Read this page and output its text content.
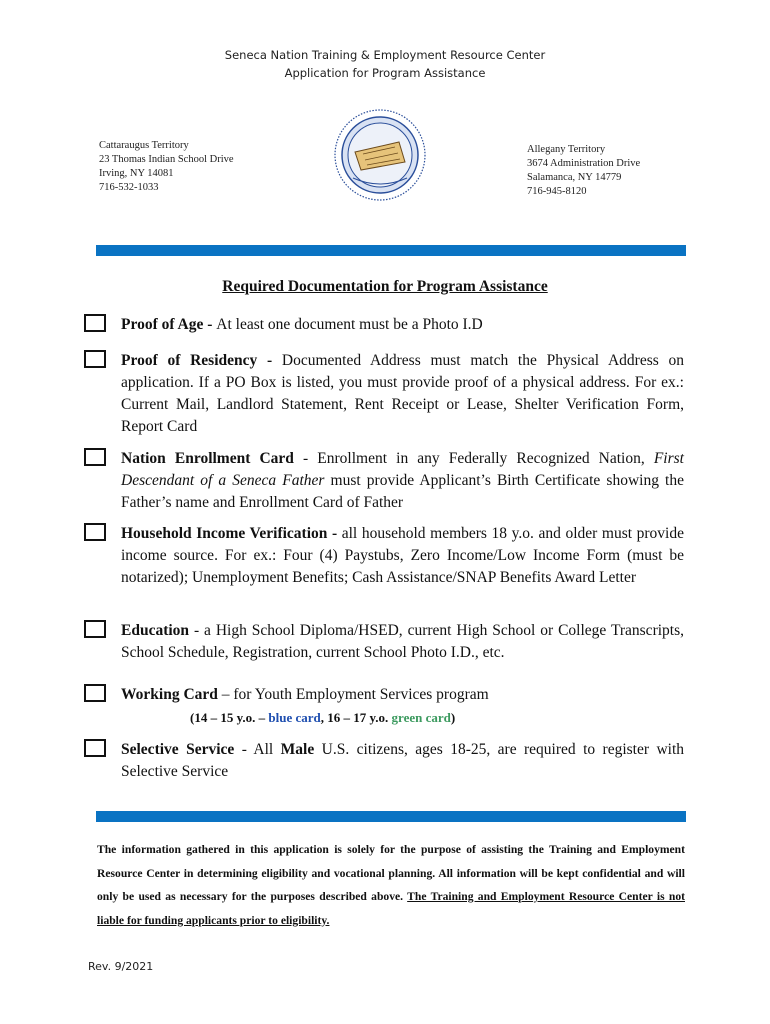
Seneca Nation Training & Employment Resource Center
Application for Program Assistance
Cattaraugus Territory
23 Thomas Indian School Drive
Irving, NY 14081
716-532-1033
Allegany Territory
3674 Administration Drive
Salamanca, NY 14779
716-945-8120
Required Documentation for Program Assistance
Proof of Age - At least one document must be a Photo I.D
Proof of Residency - Documented Address must match the Physical Address on application. If a PO Box is listed, you must provide proof of a physical address. For ex.: Current Mail, Landlord Statement, Rent Receipt or Lease, Shelter Verification Form, Report Card
Nation Enrollment Card - Enrollment in any Federally Recognized Nation, First Descendant of a Seneca Father must provide Applicant’s Birth Certificate showing the Father’s name and Enrollment Card of Father
Household Income Verification - all household members 18 y.o. and older must provide income source. For ex.: Four (4) Paystubs, Zero Income/Low Income Form (must be notarized); Unemployment Benefits; Cash Assistance/SNAP Benefits Award Letter
Education - a High School Diploma/HSED, current High School or College Transcripts, School Schedule, Registration, current School Photo I.D., etc.
Working Card – for Youth Employment Services program
(14 – 15 y.o. – blue card, 16 – 17 y.o. green card)
Selective Service - All Male U.S. citizens, ages 18-25, are required to register with Selective Service
The information gathered in this application is solely for the purpose of assisting the Training and Employment Resource Center in determining eligibility and vocational planning. All information will be kept confidential and will only be used as necessary for the purposes described above. The Training and Employment Resource Center is not liable for funding applicants prior to eligibility.
Rev. 9/2021
